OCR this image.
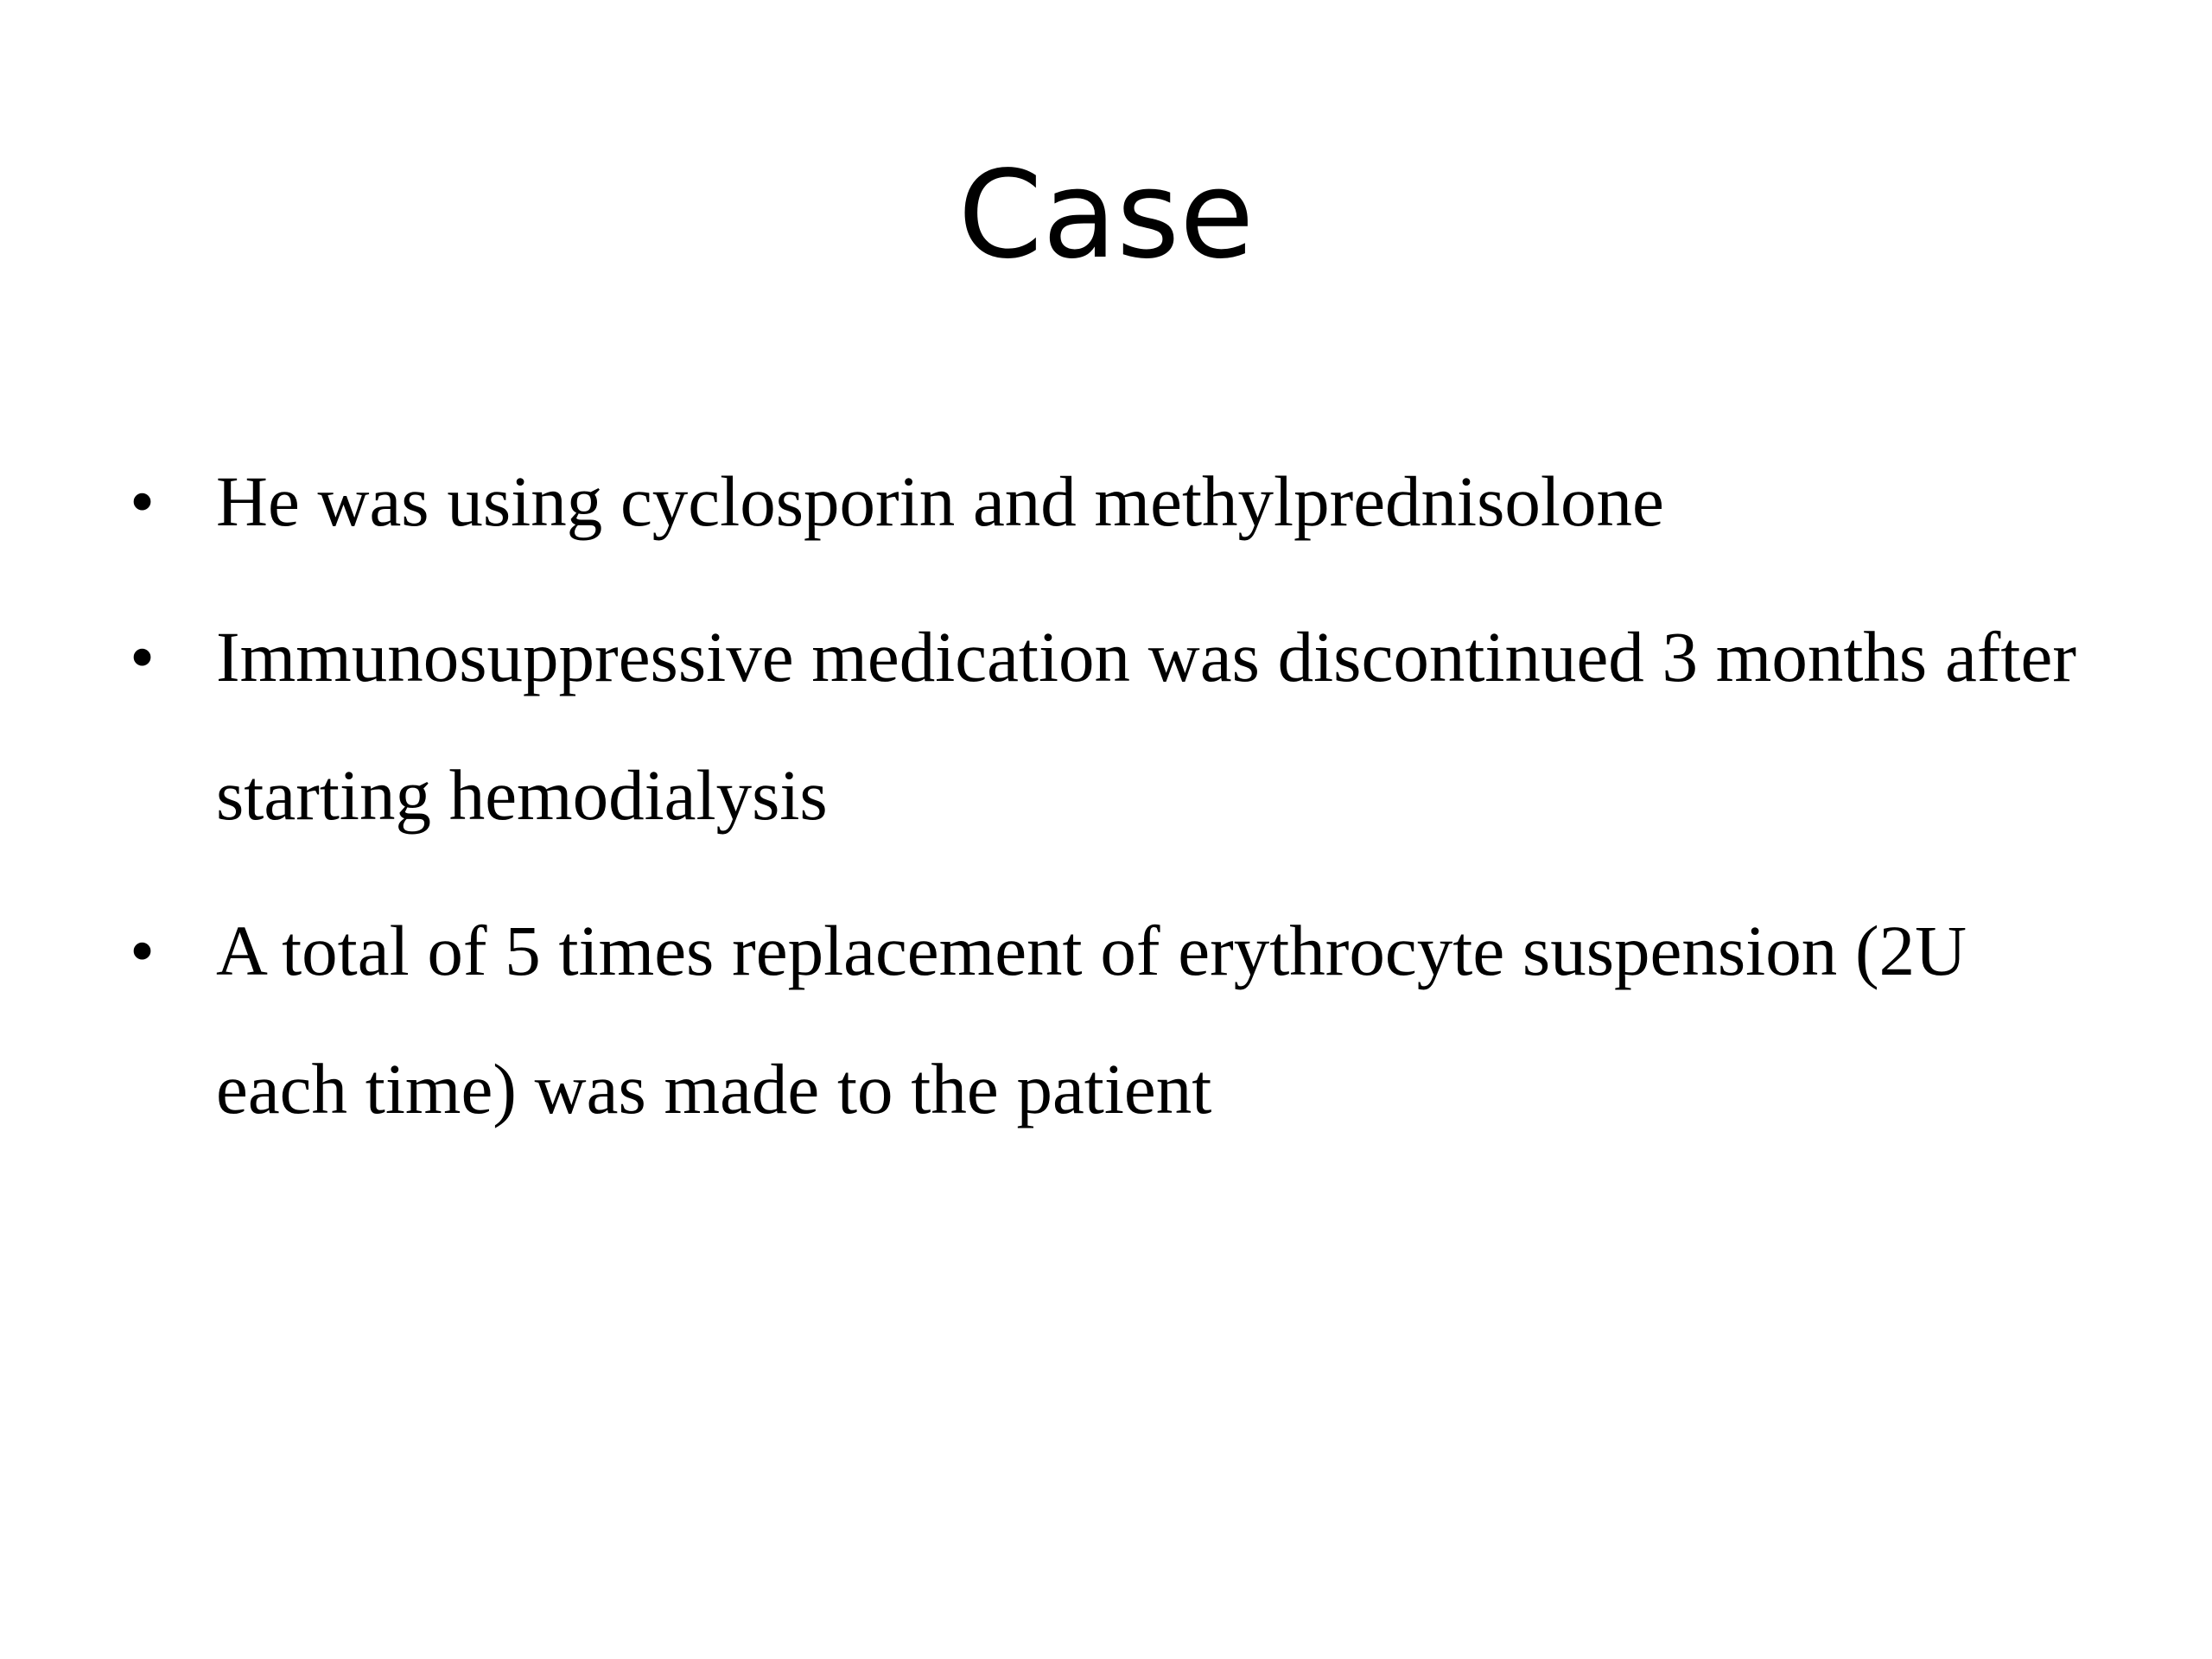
Case
• He was using cyclosporin and methylprednisolone
• Immunosuppressive medication was discontinued 3 months after starting hemodialysis
• A total of 5 times replacement of erythrocyte suspension (2U each time) was made to the patient
